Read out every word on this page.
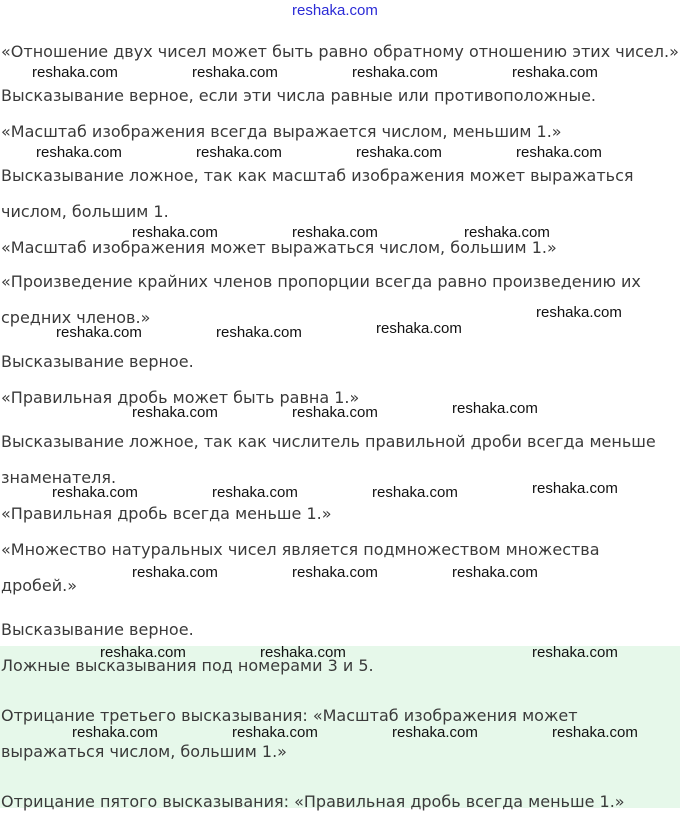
reshaka.com
«Отношение двух чисел может быть равно обратному отношению этих чисел.»
Высказывание верное, если эти числа равные или противоположные.
«Масштаб изображения всегда выражается числом, меньшим 1.»
Высказывание ложное, так как масштаб изображения может выражаться
числом, большим 1.
«Масштаб изображения может выражаться числом, большим 1.»
«Произведение крайних членов пропорции всегда равно произведению их
средних членов.»
Высказывание верное.
«Правильная дробь может быть равна 1.»
Высказывание ложное, так как числитель правильной дроби всегда меньше
знаменателя.
«Правильная дробь всегда меньше 1.»
«Множество натуральных чисел является подмножеством множества
дробей.»
Высказывание верное.
Ложные высказывания под номерами 3 и 5.
Отрицание третьего высказывания: «Масштаб изображения может
выражаться числом, большим 1.»
Отрицание пятого высказывания: «Правильная дробь всегда меньше 1.»
reshaka.com	reshaka.com	reshaka.com	reshaka.com
reshaka.com	reshaka.com	reshaka.com	reshaka.com
reshaka.com	reshaka.com	reshaka.com
reshaka.com
reshaka.com	reshaka.com	reshaka.com
reshaka.com	reshaka.com	reshaka.com
reshaka.com	reshaka.com	reshaka.com	reshaka.com
reshaka.com	reshaka.com	reshaka.com
reshaka.com	reshaka.com	reshaka.com
reshaka.com	reshaka.com	reshaka.com	reshaka.com
